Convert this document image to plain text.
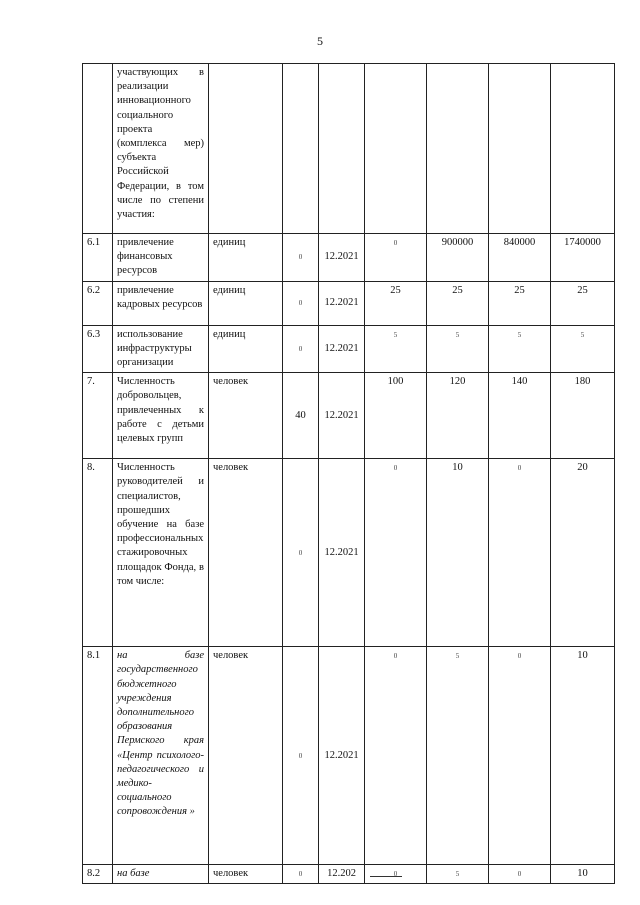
5
	участвующих в реализации инновационного социального проекта (комплекса мер) субъекта Российской Федерации, в том числе по степени участия:							
6.1	привлечение финансовых ресурсов	единиц	0	12.2021	0	900000	840000	1740000
6.2	привлечение кадровых ресурсов	единиц	0	12.2021	25	25	25	25
6.3	использование инфраструктуры организации	единиц	0	12.2021	5	5	5	5
7.	Численность добровольцев, привлеченных к работе с детьми целевых групп	человек	40	12.2021	100	120	140	180
8.	Численность руководителей и специалистов, прошедших обучение на базе профессиональных стажировочных площадок Фонда, в том числе:	человек	0	12.2021	0	10	0	20
8.1	на базе государственного бюджетного учреждения дополнительного образования Пермского края «Центр психолого-педагогического и медико-социального сопровождения »	человек	0	12.2021	0	5	0	10
8.2	на базе	человек	0	12.202	0	5	0	10
